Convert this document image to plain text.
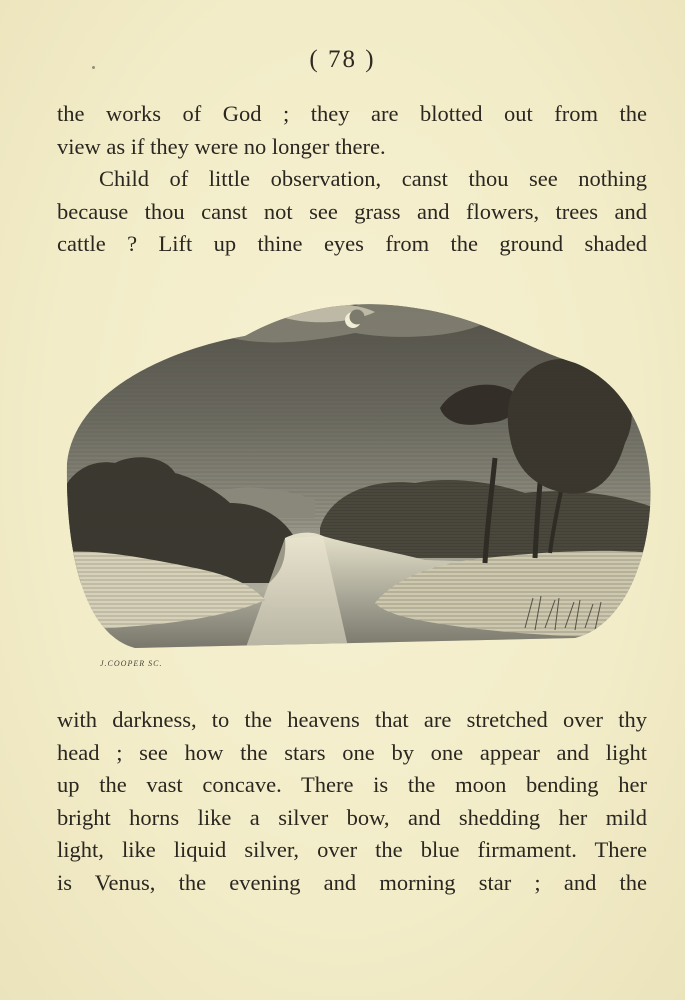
( 78 )
the works of God ; they are blotted out from the
view as if they were no longer there.
Child of little observation, canst thou see nothing
because thou canst not see grass and flowers, trees and
cattle ? Lift up thine eyes from the ground shaded
J.COOPER SC.
with darkness, to the heavens that are stretched over thy
head ; see how the stars one by one appear and light
up the vast concave. There is the moon bending her
bright horns like a silver bow, and shedding her mild
light, like liquid silver, over the blue firmament. There
is Venus, the evening and morning star ; and the
